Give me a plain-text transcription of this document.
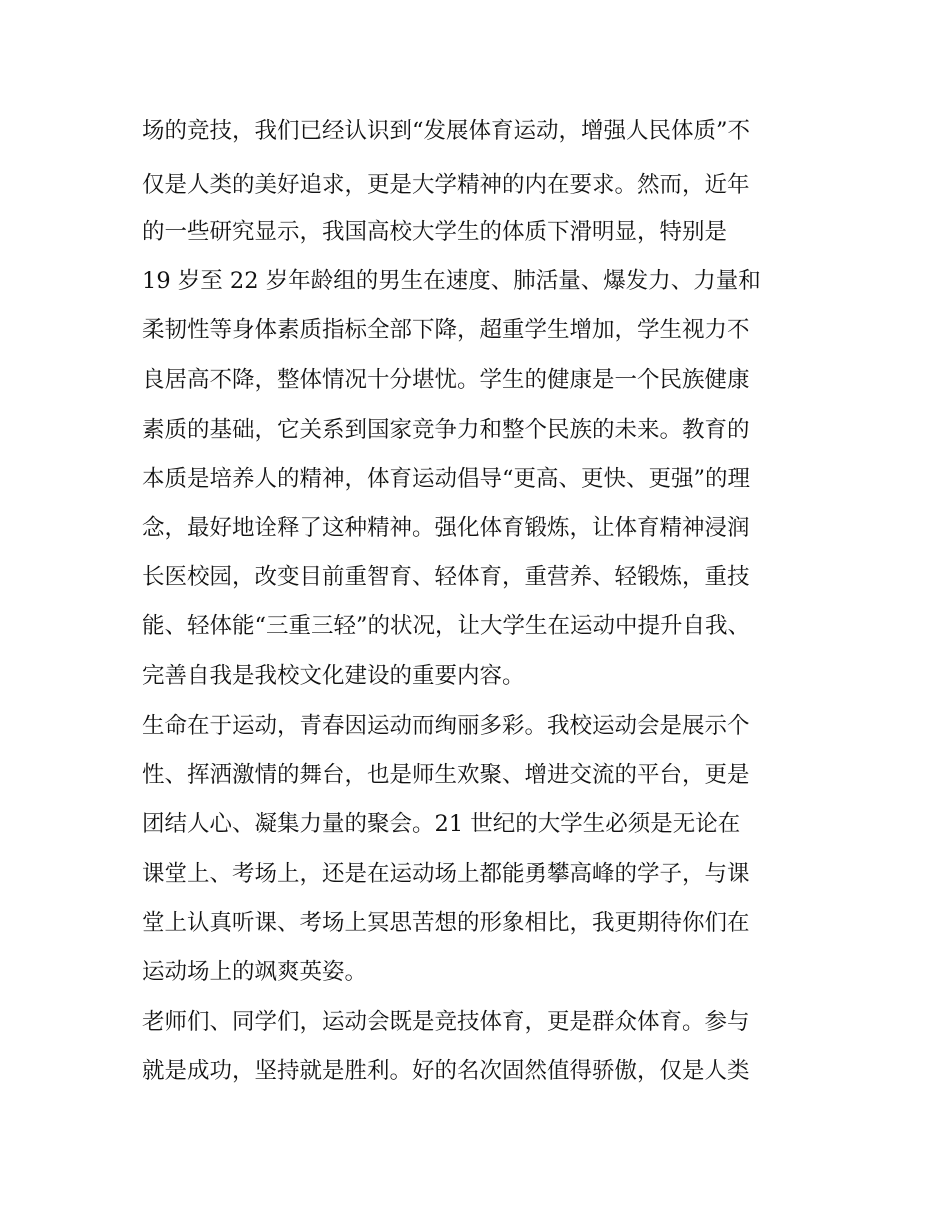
场的竞技，我们已经认识到“发展体育运动，增强人民体质”不
仅是人类的美好追求，更是大学精神的内在要求。然而，近年
的一些研究显示，我国高校大学生的体质下滑明显，特别是
19 岁至 22 岁年龄组的男生在速度、肺活量、爆发力、力量和
柔韧性等身体素质指标全部下降，超重学生增加，学生视力不
良居高不降，整体情况十分堪忧。学生的健康是一个民族健康
素质的基础，它关系到国家竞争力和整个民族的未来。教育的
本质是培养人的精神，体育运动倡导“更高、更快、更强”的理
念，最好地诠释了这种精神。强化体育锻炼，让体育精神浸润
长医校园，改变目前重智育、轻体育，重营养、轻锻炼，重技
能、轻体能“三重三轻”的状况，让大学生在运动中提升自我、
完善自我是我校文化建设的重要内容。
生命在于运动，青春因运动而绚丽多彩。我校运动会是展示个
性、挥洒激情的舞台，也是师生欢聚、增进交流的平台，更是
团结人心、凝集力量的聚会。21 世纪的大学生必须是无论在
课堂上、考场上，还是在运动场上都能勇攀高峰的学子，与课
堂上认真听课、考场上冥思苦想的形象相比，我更期待你们在
运动场上的飒爽英姿。
老师们、同学们，运动会既是竞技体育，更是群众体育。参与
就是成功，坚持就是胜利。好的名次固然值得骄傲，仅是人类
